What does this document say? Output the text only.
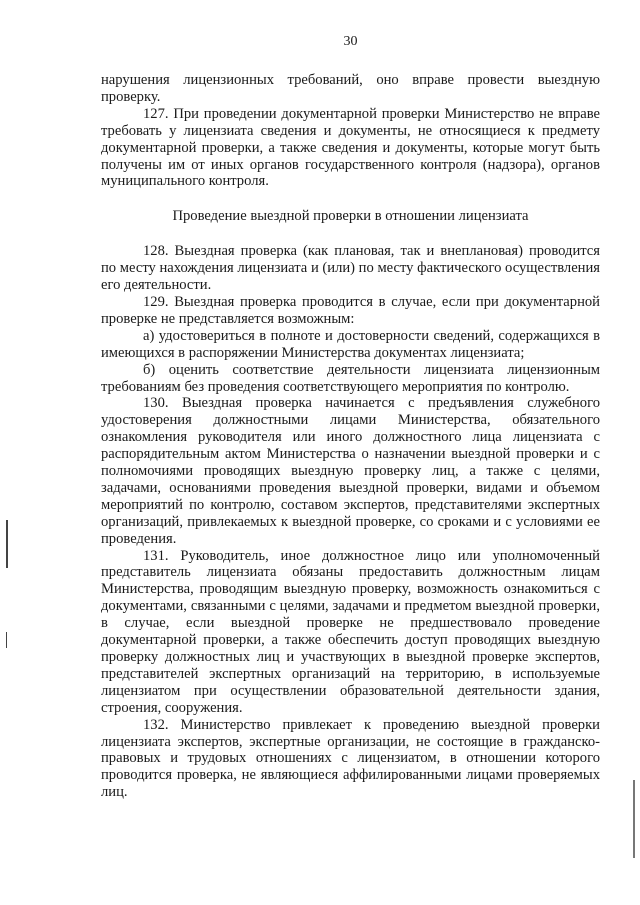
30

нарушения лицензионных требований, оно вправе провести выездную проверку.

127. При проведении документарной проверки Министерство не вправе требовать у лицензиата сведения и документы, не относящиеся к предмету документарной проверки, а также сведения и документы, которые могут быть получены им от иных органов государственного контроля (надзора), органов муниципального контроля.

Проведение выездной проверки в отношении лицензиата

128. Выездная проверка (как плановая, так и внеплановая) проводится по месту нахождения лицензиата и (или) по месту фактического осуществления его деятельности.

129. Выездная проверка проводится в случае, если при документарной проверке не представляется возможным:

а) удостовериться в полноте и достоверности сведений, содержащихся в имеющихся в распоряжении Министерства документах лицензиата;

б) оценить соответствие деятельности лицензиата лицензионным требованиям без проведения соответствующего мероприятия по контролю.

130. Выездная проверка начинается с предъявления служебного удостоверения должностными лицами Министерства, обязательного ознакомления руководителя или иного должностного лица лицензиата с распорядительным актом Министерства о назначении выездной проверки и с полномочиями проводящих выездную проверку лиц, а также с целями, задачами, основаниями проведения выездной проверки, видами и объемом мероприятий по контролю, составом экспертов, представителями экспертных организаций, привлекаемых к выездной проверке, со сроками и с условиями ее проведения.

131. Руководитель, иное должностное лицо или уполномоченный представитель лицензиата обязаны предоставить должностным лицам Министерства, проводящим выездную проверку, возможность ознакомиться с документами, связанными с целями, задачами и предметом выездной проверки, в случае, если выездной проверке не предшествовало проведение документарной проверки, а также обеспечить доступ проводящих выездную проверку должностных лиц и участвующих в выездной проверке экспертов, представителей экспертных организаций на территорию, в используемые лицензиатом при осуществлении образовательной деятельности здания, строения, сооружения.

132. Министерство привлекает к проведению выездной проверки лицензиата экспертов, экспертные организации, не состоящие в гражданско-правовых и трудовых отношениях с лицензиатом, в отношении которого проводится проверка, не являющиеся аффилированными лицами проверяемых лиц.
